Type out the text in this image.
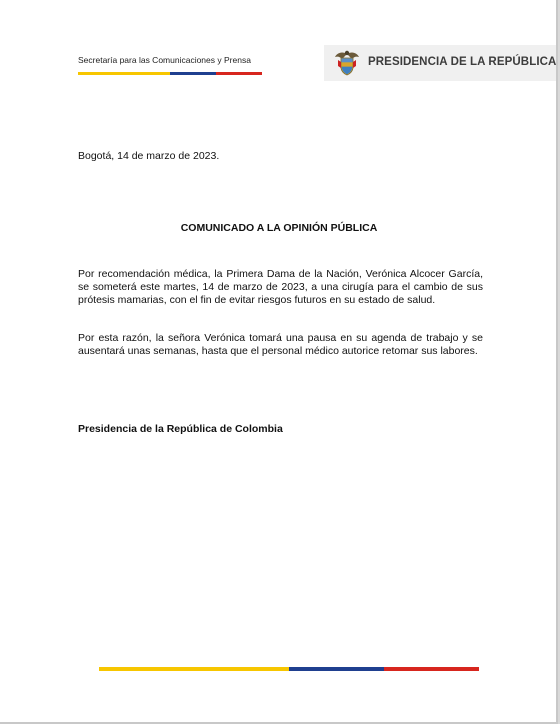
Secretaría para las Comunicaciones y Prensa	PRESIDENCIA DE LA REPÚBLICA
Bogotá, 14 de marzo de 2023.
COMUNICADO A LA OPINIÓN PÚBLICA

Por recomendación médica, la Primera Dama de la Nación, Verónica Alcocer García, se someterá este martes, 14 de marzo de 2023, a una cirugía para el cambio de sus prótesis mamarias, con el fin de evitar riesgos futuros en su estado de salud.

Por esta razón, la señora Verónica tomará una pausa en su agenda de trabajo y se ausentará unas semanas, hasta que el personal médico autorice retomar sus labores.

Presidencia de la República de Colombia
